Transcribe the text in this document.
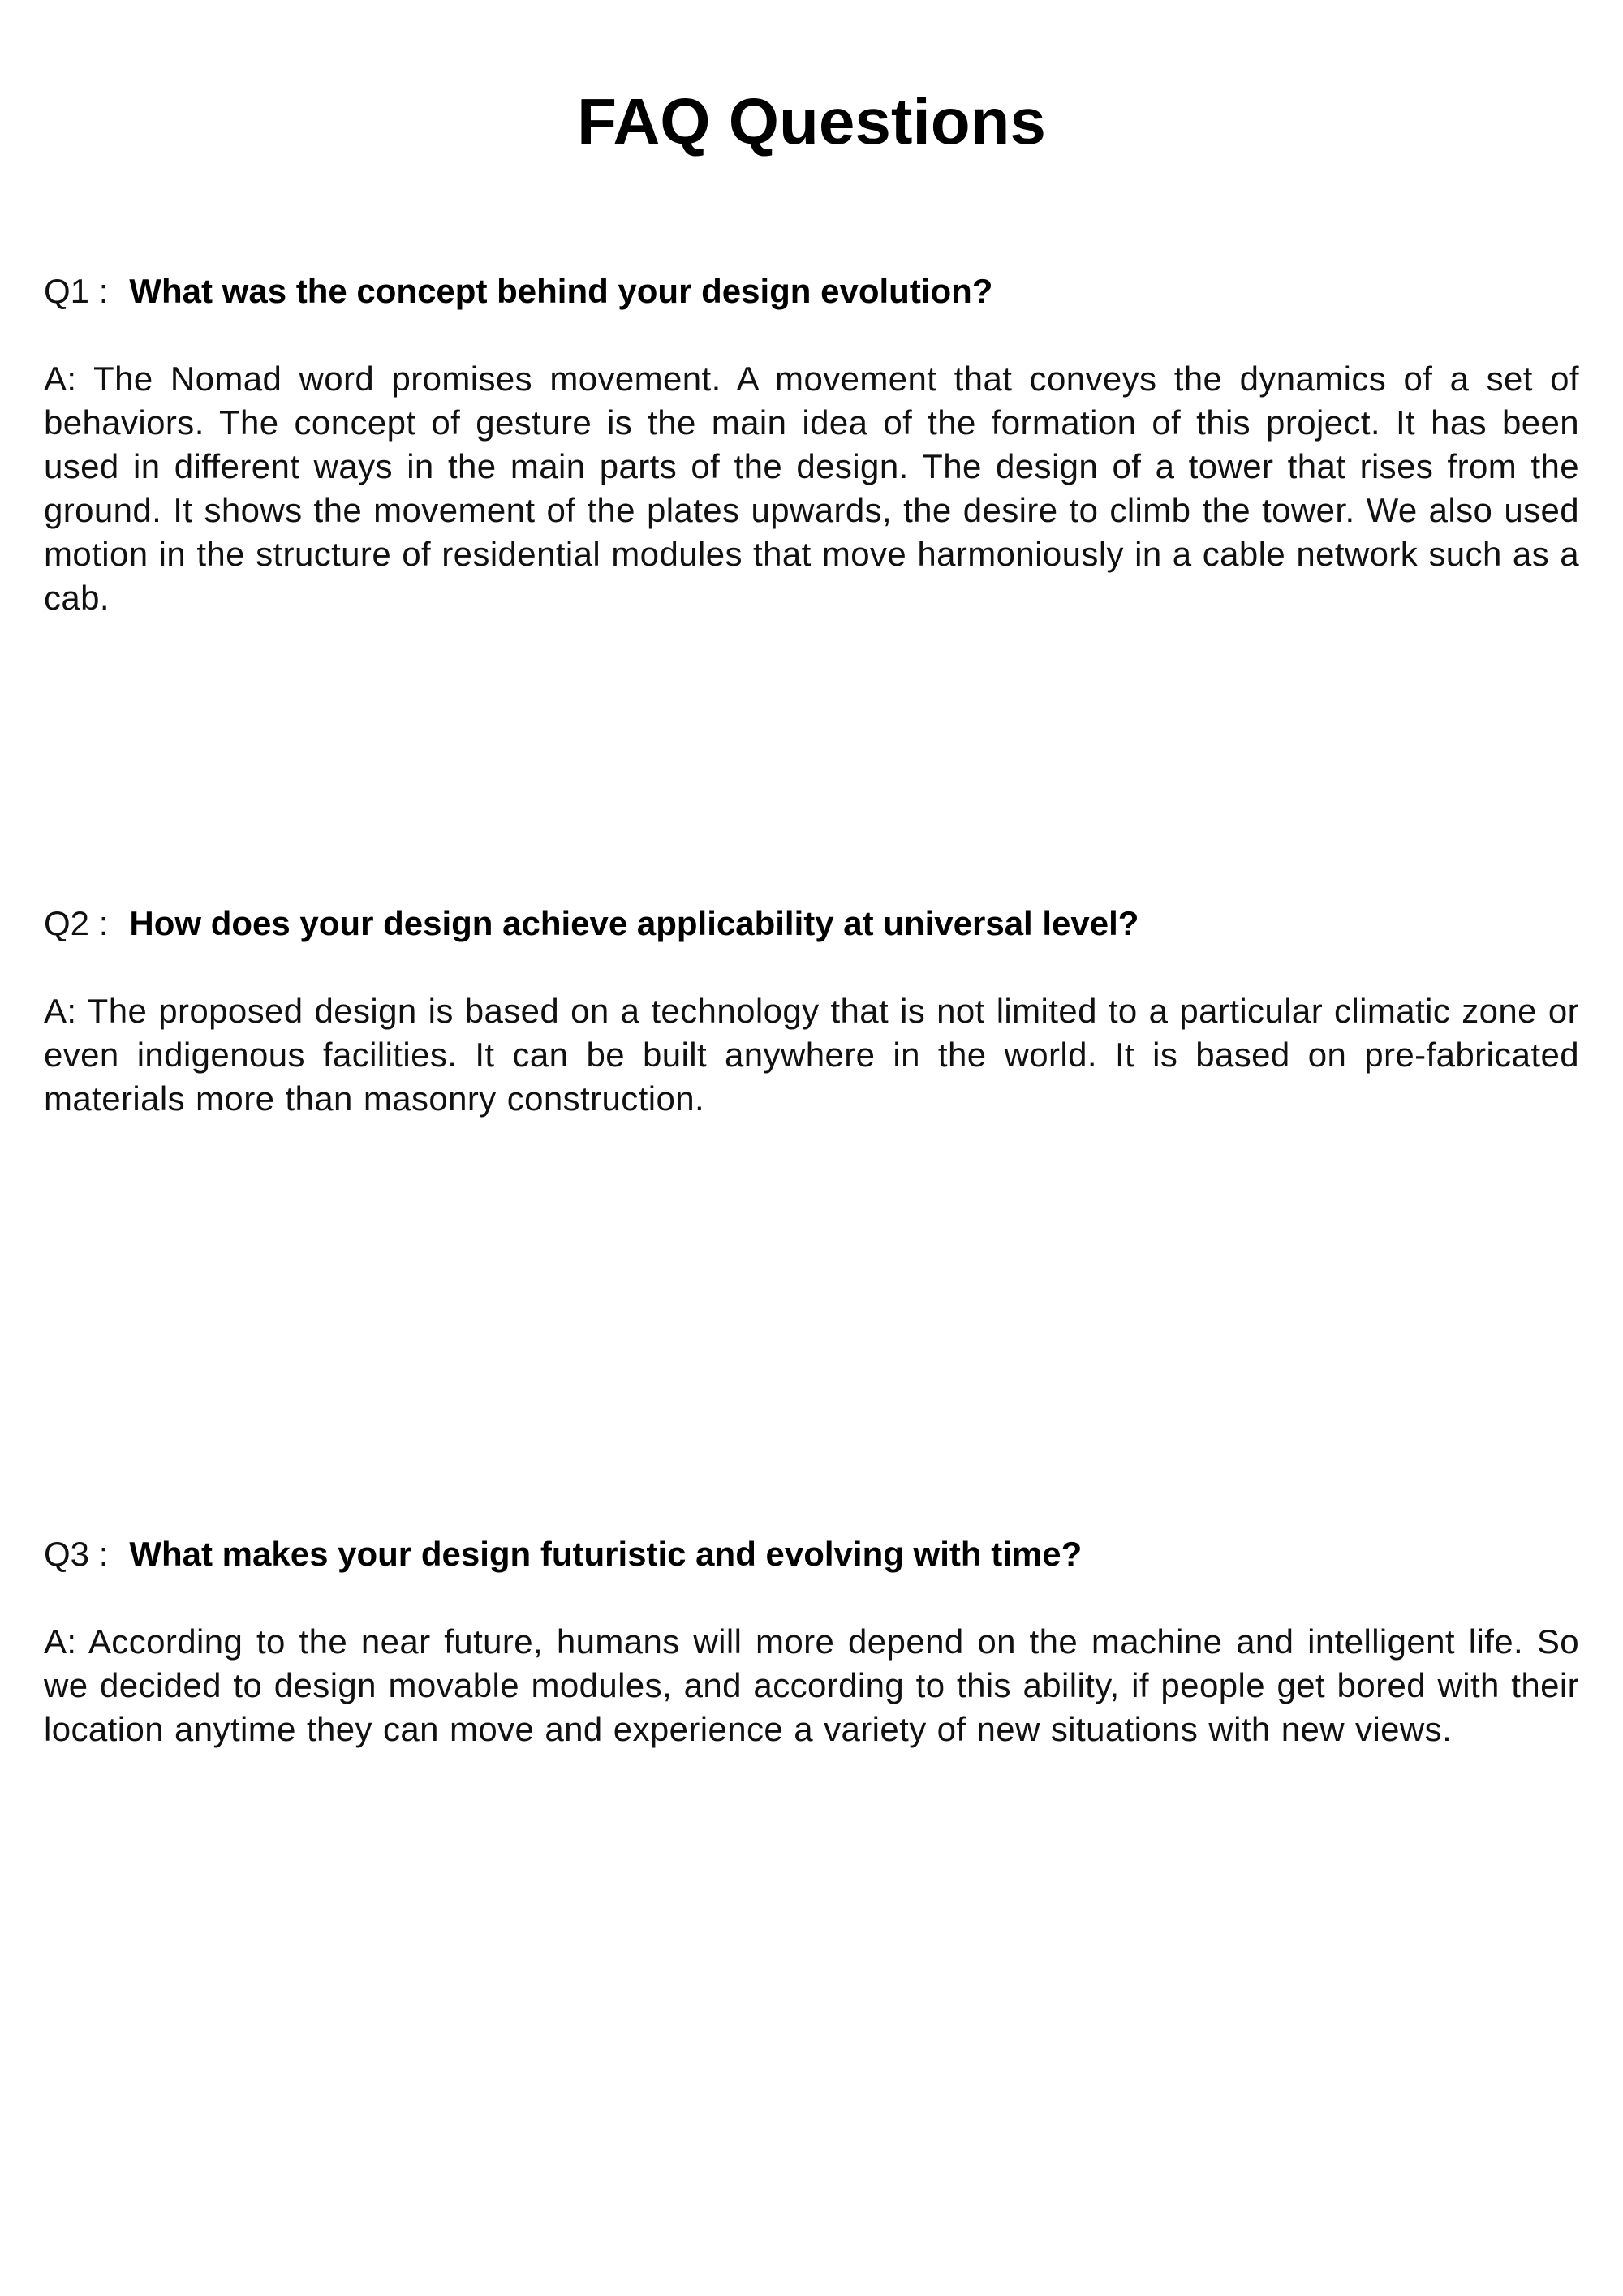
FAQ Questions

Q1 : What was the concept behind your design evolution?

A: The Nomad word promises movement. A movement that conveys the dynamics of a set of behaviors. The concept of gesture is the main idea of the formation of this project. It has been used in different ways in the main parts of the design. The design of a tower that rises from the ground. It shows the movement of the plates upwards, the desire to climb the tower. We also used motion in the structure of residential modules that move harmoniously in a cable network such as a cab.

Q2 : How does your design achieve applicability at universal level?

A: The proposed design is based on a technology that is not limited to a particular climatic zone or even indigenous facilities. It can be built anywhere in the world. It is based on pre-fabricated materials more than masonry construction.

Q3 : What makes your design futuristic and evolving with time?

A: According to the near future, humans will more depend on the machine and intelligent life. So we decided to design movable modules, and according to this ability, if people get bored with their location anytime they can move and experience a variety of new situations with new views.
